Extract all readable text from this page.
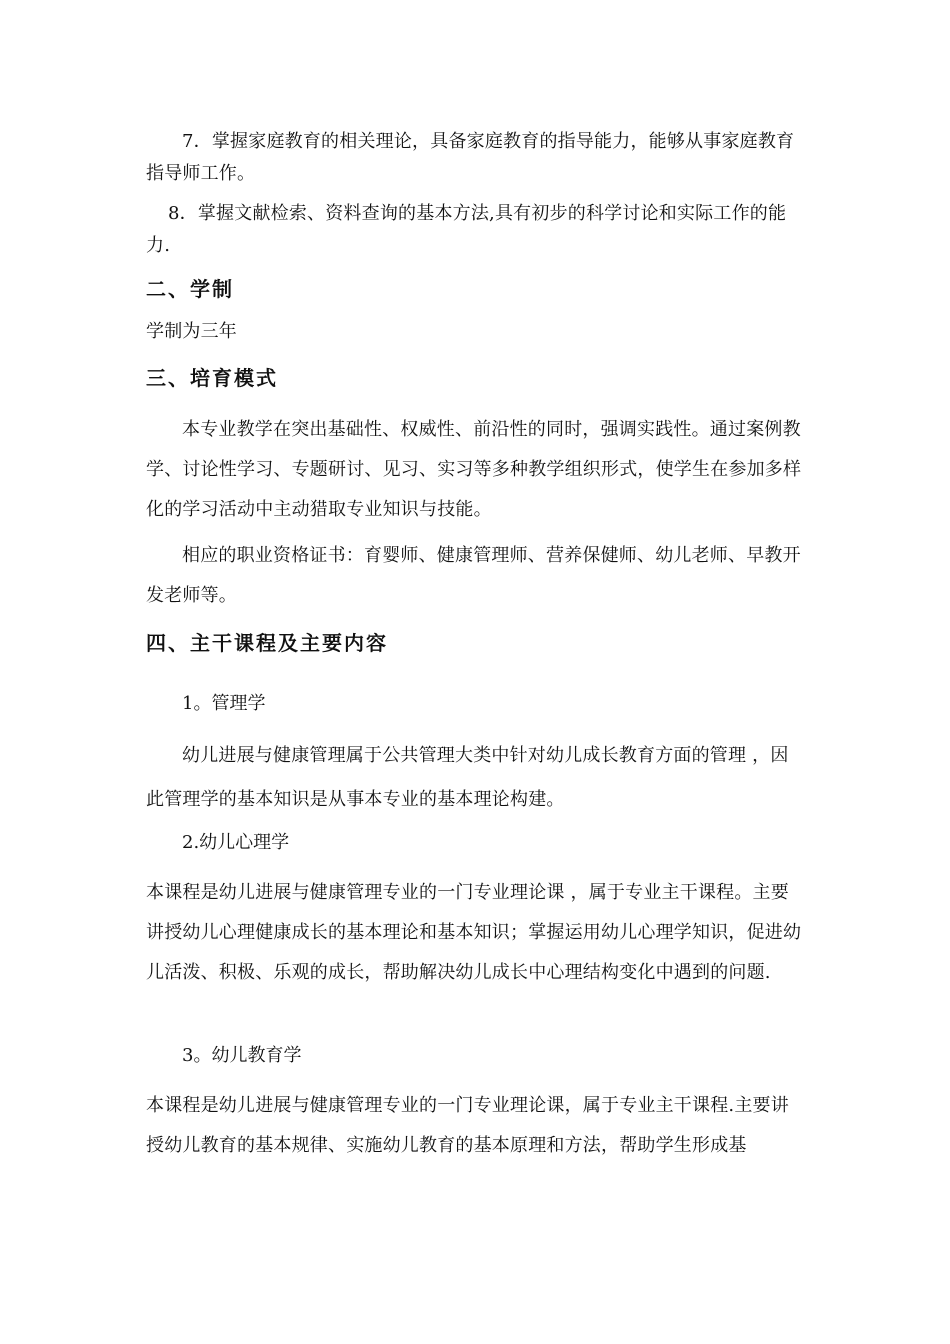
7．掌握家庭教育的相关理论，具备家庭教育的指导能力，能够从事家庭教育指导师工作。

8．掌握文献检索、资料查询的基本方法,具有初步的科学讨论和实际工作的能力.

二、学制

学制为三年

三、培育模式

本专业教学在突出基础性、权威性、前沿性的同时，强调实践性。通过案例教学、讨论性学习、专题研讨、见习、实习等多种教学组织形式，使学生在参加多样化的学习活动中主动猎取专业知识与技能。

相应的职业资格证书：育婴师、健康管理师、营养保健师、幼儿老师、早教开发老师等。

四、主干课程及主要内容

1。管理学

幼儿进展与健康管理属于公共管理大类中针对幼儿成长教育方面的管理 ，因此管理学的基本知识是从事本专业的基本理论构建。

2.幼儿心理学

本课程是幼儿进展与健康管理专业的一门专业理论课 ，属于专业主干课程。主要讲授幼儿心理健康成长的基本理论和基本知识；掌握运用幼儿心理学知识，促进幼儿活泼、积极、乐观的成长，帮助解决幼儿成长中心理结构变化中遇到的问题.

3。幼儿教育学

本课程是幼儿进展与健康管理专业的一门专业理论课，属于专业主干课程.主要讲授幼儿教育的基本规律、实施幼儿教育的基本原理和方法，帮助学生形成基
